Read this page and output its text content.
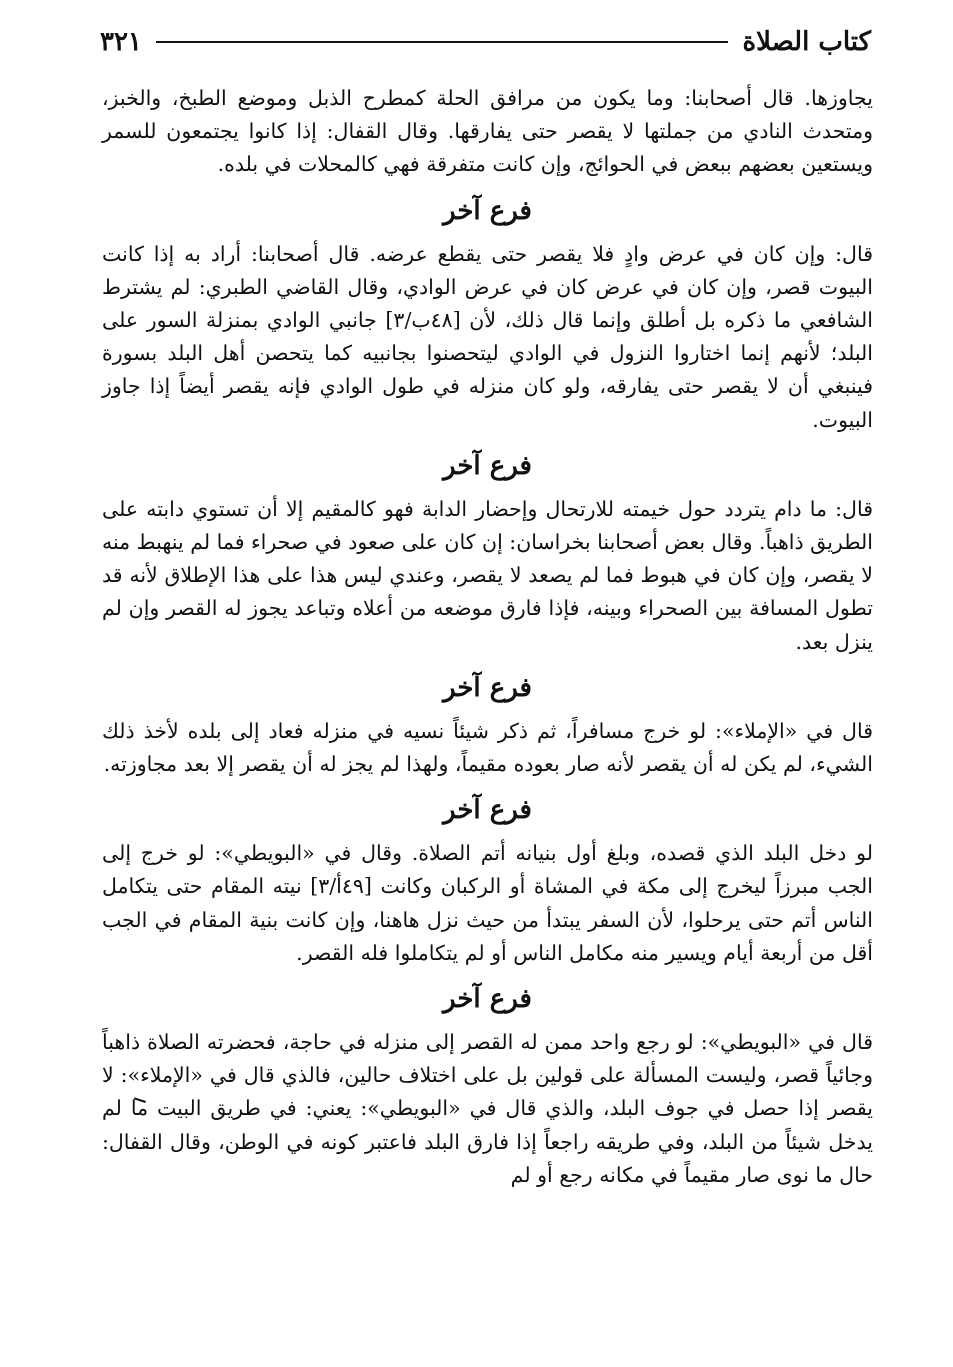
كتاب الصلاة
٣٢١

يجاوزها. قال أصحابنا: وما يكون من مرافق الحلة كمطرح الذبل وموضع الطبخ، والخبز، ومتحدث النادي من جملتها لا يقصر حتى يفارقها. وقال القفال: إذا كانوا يجتمعون للسمر ويستعين بعضهم ببعض في الحوائج، وإن كانت متفرقة فهي كالمحلات في بلده.

فرع آخر

قال: وإن كان في عرض وادٍ فلا يقصر حتى يقطع عرضه. قال أصحابنا: أراد به إذا كانت البيوت قصر، وإن كان في عرض كان في عرض الوادي، وقال القاضي الطبري: لم يشترط الشافعي ما ذكره بل أطلق وإنما قال ذلك، لأن [٤٨ب/٣] جانبي الوادي بمنزلة السور على البلد؛ لأنهم إنما اختاروا النزول في الوادي ليتحصنوا بجانبيه كما يتحصن أهل البلد بسورة فينبغي أن لا يقصر حتى يفارقه، ولو كان منزله في طول الوادي فإنه يقصر أيضاً إذا جاوز البيوت.

فرع آخر

قال: ما دام يتردد حول خيمته للارتحال وإحضار الدابة فهو كالمقيم إلا أن تستوي دابته على الطريق ذاهباً. وقال بعض أصحابنا بخراسان: إن كان على صعود في صحراء فما لم ينهبط منه لا يقصر، وإن كان في هبوط فما لم يصعد لا يقصر، وعندي ليس هذا على هذا الإطلاق لأنه قد تطول المسافة بين الصحراء وبينه، فإذا فارق موضعه من أعلاه وتباعد يجوز له القصر وإن لم ينزل بعد.

فرع آخر

قال في «الإملاء»: لو خرج مسافراً، ثم ذكر شيئاً نسيه في منزله فعاد إلى بلده لأخذ ذلك الشيء، لم يكن له أن يقصر لأنه صار بعوده مقيماً، ولهذا لم يجز له أن يقصر إلا بعد مجاوزته.

فرع آخر

لو دخل البلد الذي قصده، وبلغ أول بنيانه أتم الصلاة. وقال في «البويطي»: لو خرج إلى الجب مبرزاً ليخرج إلى مكة في المشاة أو الركبان وكانت [٤٩أ/٣] نيته المقام حتى يتكامل الناس أتم حتى يرحلوا، لأن السفر يبتدأ من حيث نزل هاهنا، وإن كانت بنية المقام في الجب أقل من أربعة أيام ويسير منه مكامل الناس أو لم يتكاملوا فله القصر.

فرع آخر

قال في «البويطي»: لو رجع واحد ممن له القصر إلى منزله في حاجة، فحضرته الصلاة ذاهباً وجائياً قصر، وليست المسألة على قولين بل على اختلاف حالين، فالذي قال في «الإملاء»: لا يقصر إذا حصل في جوف البلد، والذي قال في «البويطي»: يعني: في طريق البيت ما لم يدخل شيئاً من البلد، وفي طريقه راجعاً إذا فارق البلد فاعتبر كونه في الوطن، وقال القفال: حال ما نوى صار مقيماً في مكانه رجع أو لم
